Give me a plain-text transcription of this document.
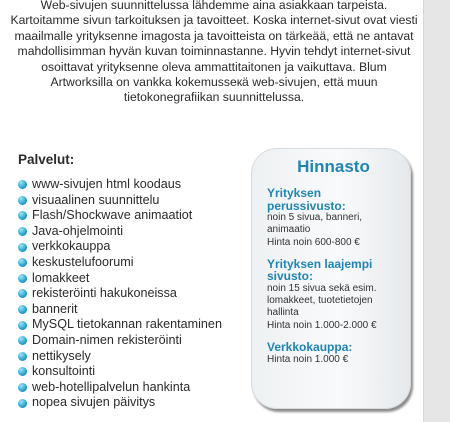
Web-sivujen suunnittelussa lähdemme aina asiakkaan tarpeista. Kartoitamme sivun tarkoituksen ja tavoitteet. Koska internet-sivut ovat viesti maailmalle yrityksenne imagosta ja tavoitteista on tärkeää, että ne antavat mahdollisimman hyvän kuvan toiminnastanne. Hyvin tehdyt internet-sivut osoittavat yrityksenne oleva ammattitaitonen ja vaikuttava. Blum Artworksilla on vankka kokemusseкä web-sivujen, että muun tietokonegrafiikan suunnittelussa.

Palvelut:
www-sivujen html koodaus
visuaalinen suunnittelu
Flash/Shockwave animaatiot
Java-ohjelmointi
verkkokauppa
keskustelufoorumi
lomakkeet
rekisteröinti hakukoneissa
bannerit
MySQL tietokannan rakentaminen
Domain-nimen rekisteröinti
nettikysely
konsultointi
web-hotellipalvelun hankinta
nopea sivujen päivitys
Hinnasto
Yrityksen perussivusto:
noin 5 sivua, banneri,
animaatio
Hinta noin 600-800 €
Yrityksen laajempi sivusto:
noin 15 sivua sekä esim.
lomakkeet, tuotetietojen
hallinta
Hinta noin 1.000-2.000 €
Verkkokauppa:
Hinta noin 1.000 €
